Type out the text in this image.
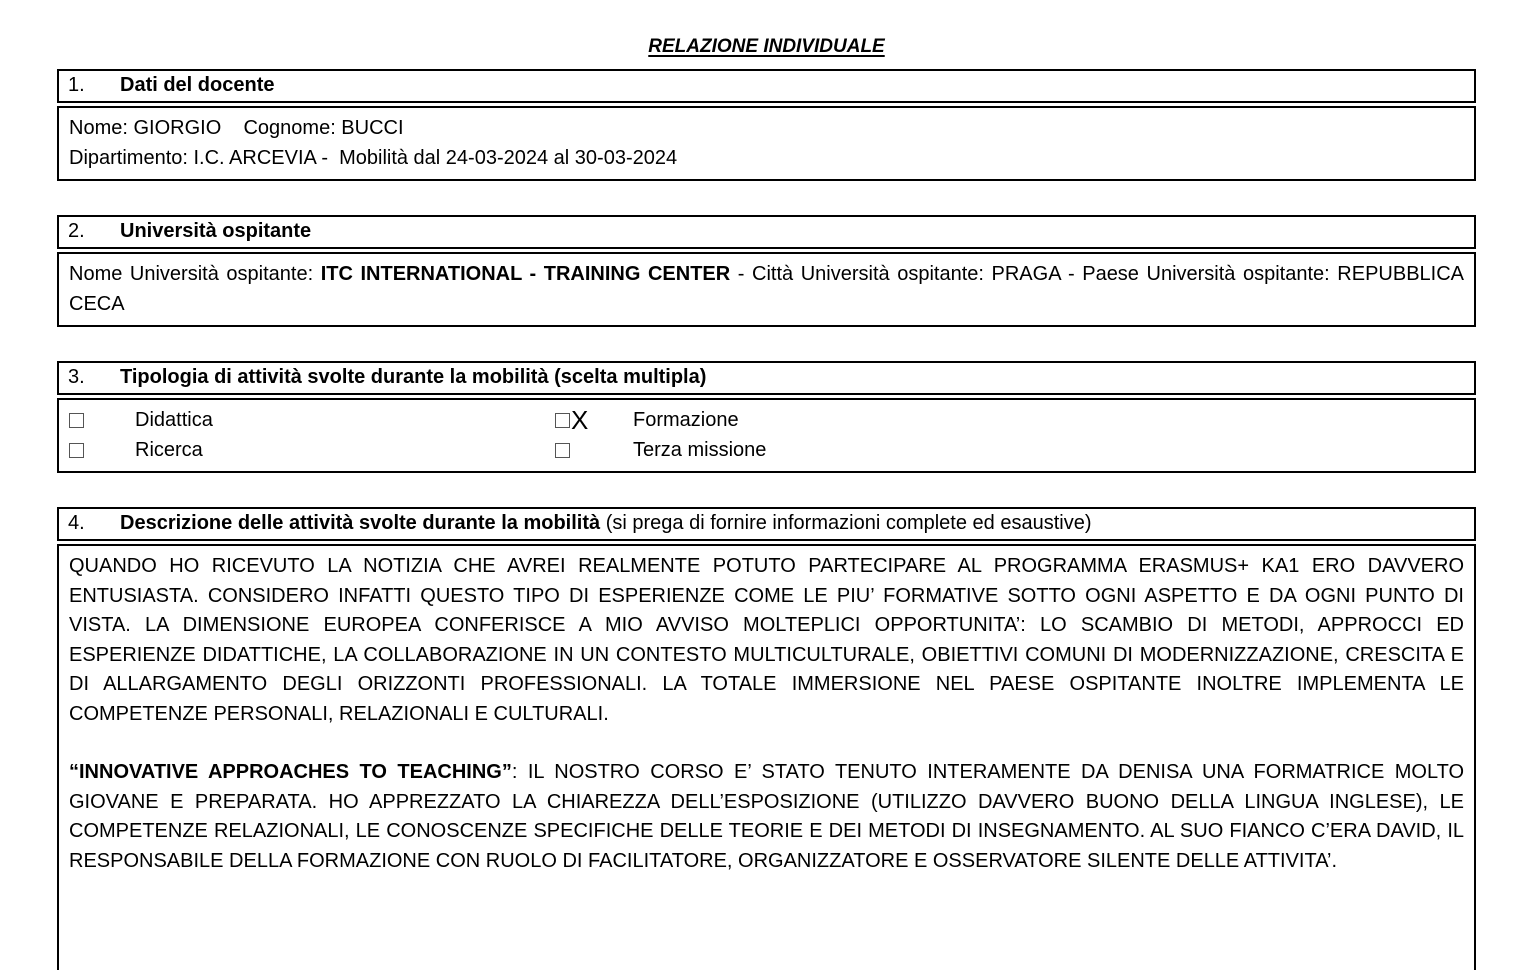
RELAZIONE INDIVIDUALE
1. Dati del docente
Nome: GIORGIO    Cognome: BUCCI
Dipartimento: I.C. ARCEVIA -  Mobilità dal 24-03-2024 al 30-03-2024
2. Università ospitante
Nome Università ospitante: ITC INTERNATIONAL - TRAINING CENTER - Città Università ospitante: PRAGA - Paese Università ospitante: REPUBBLICA CECA
3. Tipologia di attività svolte durante la mobilità (scelta multipla)
Didattica	X Formazione
Ricerca	Terza missione
4. Descrizione delle attività svolte durante la mobilità (si prega di fornire informazioni complete ed esaustive)
QUANDO HO RICEVUTO LA NOTIZIA CHE AVREI REALMENTE POTUTO PARTECIPARE AL PROGRAMMA ERASMUS+ KA1 ERO DAVVERO ENTUSIASTA. CONSIDERO INFATTI QUESTO TIPO DI ESPERIENZE COME LE PIU’ FORMATIVE SOTTO OGNI ASPETTO E DA OGNI PUNTO DI VISTA. LA DIMENSIONE EUROPEA CONFERISCE A MIO AVVISO MOLTEPLICI OPPORTUNITA’: LO SCAMBIO DI METODI, APPROCCI ED ESPERIENZE DIDATTICHE, LA COLLABORAZIONE IN UN CONTESTO MULTICULTURALE, OBIETTIVI COMUNI DI MODERNIZZAZIONE, CRESCITA E DI ALLARGAMENTO DEGLI ORIZZONTI PROFESSIONALI. LA TOTALE IMMERSIONE NEL PAESE OSPITANTE INOLTRE IMPLEMENTA LE COMPETENZE PERSONALI, RELAZIONALI E CULTURALI.
“INNOVATIVE APPROACHES TO TEACHING”: IL NOSTRO CORSO E’ STATO TENUTO INTERAMENTE DA DENISA UNA FORMATRICE MOLTO GIOVANE E PREPARATA. HO APPREZZATO LA CHIAREZZA DELL’ESPOSIZIONE (UTILIZZO DAVVERO BUONO DELLA LINGUA INGLESE), LE COMPETENZE RELAZIONALI, LE CONOSCENZE SPECIFICHE DELLE TEORIE E DEI METODI DI INSEGNAMENTO. AL SUO FIANCO C’ERA DAVID, IL RESPONSABILE DELLA FORMAZIONE CON RUOLO DI FACILITATORE, ORGANIZZATORE E OSSERVATORE SILENTE DELLE ATTIVITA’.
